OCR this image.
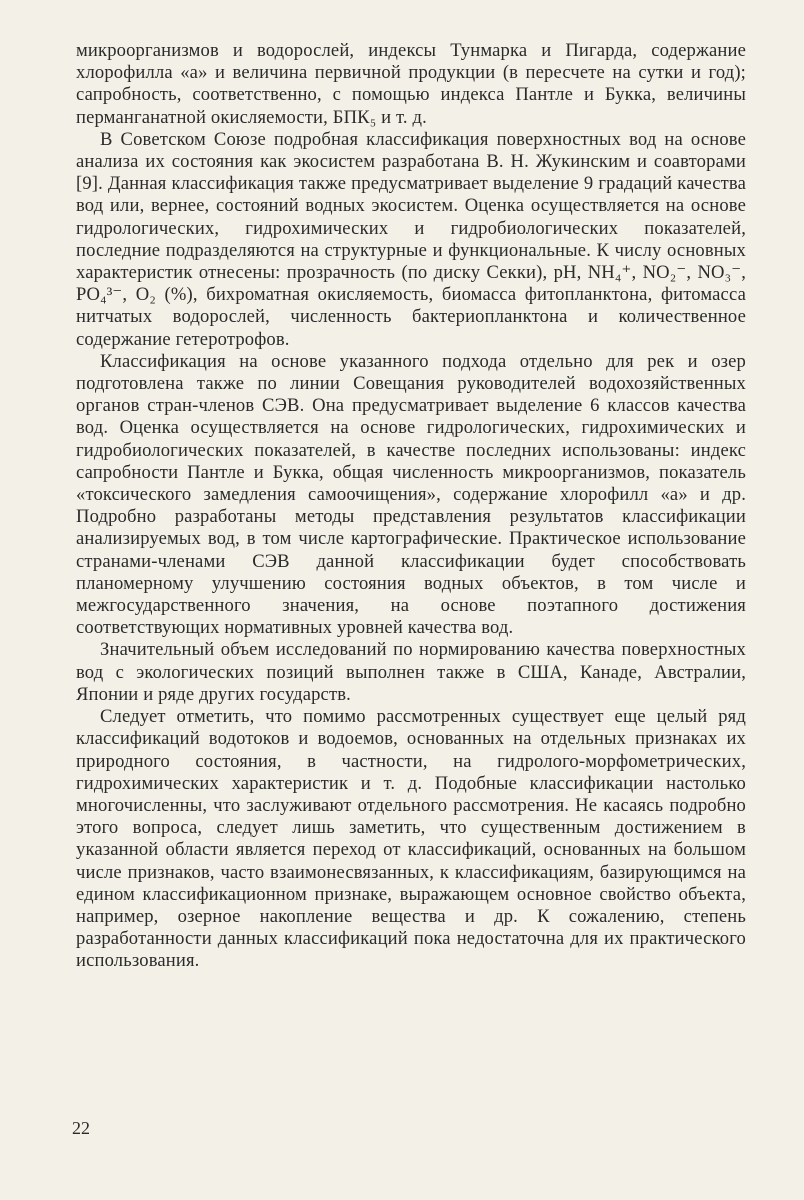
микроорганизмов и водорослей, индексы Тунмарка и Пигарда, содержание хлорофилла «а» и величина первичной продукции (в пересчете на сутки и год); сапробность, соответственно, с помощью индекса Пантле и Букка, величины перманганатной окисляемости, БПК₅ и т. д.

В Советском Союзе подробная классификация поверхностных вод на основе анализа их состояния как экосистем разработана В. Н. Жукинским и соавторами [9]. Данная классификация также предусматривает выделение 9 градаций качества вод или, вернее, состояний водных экосистем. Оценка осуществляется на основе гидрологических, гидрохимических и гидробиологических показателей, последние подразделяются на структурные и функциональные. К числу основных характеристик отнесены: прозрачность (по диску Секки), pH, NH₄⁺, NO₂⁻, NO₃⁻, PO₄³⁻, O₂ (%), бихроматная окисляемость, биомасса фитопланктона, фитомасса нитчатых водорослей, численность бактериопланктона и количественное содержание гетеротрофов.

Классификация на основе указанного подхода отдельно для рек и озер подготовлена также по линии Совещания руководителей водохозяйственных органов стран-членов СЭВ. Она предусматривает выделение 6 классов качества вод. Оценка осуществляется на основе гидрологических, гидрохимических и гидробиологических показателей, в качестве последних использованы: индекс сапробности Пантле и Букка, общая численность микроорганизмов, показатель «токсического замедления самоочищения», содержание хлорофилл «а» и др. Подробно разработаны методы представления результатов классификации анализируемых вод, в том числе картографические. Практическое использование странами-членами СЭВ данной классификации будет способствовать планомерному улучшению состояния водных объектов, в том числе и межгосударственного значения, на основе поэтапного достижения соответствующих нормативных уровней качества вод.

Значительный объем исследований по нормированию качества поверхностных вод с экологических позиций выполнен также в США, Канаде, Австралии, Японии и ряде других государств.

Следует отметить, что помимо рассмотренных существует еще целый ряд классификаций водотоков и водоемов, основанных на отдельных признаках их природного состояния, в частности, на гидролого-морфометрических, гидрохимических характеристик и т. д. Подобные классификации настолько многочисленны, что заслуживают отдельного рассмотрения. Не касаясь подробно этого вопроса, следует лишь заметить, что существенным достижением в указанной области является переход от классификаций, основанных на большом числе признаков, часто взаимонесвязанных, к классификациям, базирующимся на едином классификационном признаке, выражающем основное свойство объекта, например, озерное накопление вещества и др. К сожалению, степень разработанности данных классификаций пока недостаточна для их практического использования.

22
